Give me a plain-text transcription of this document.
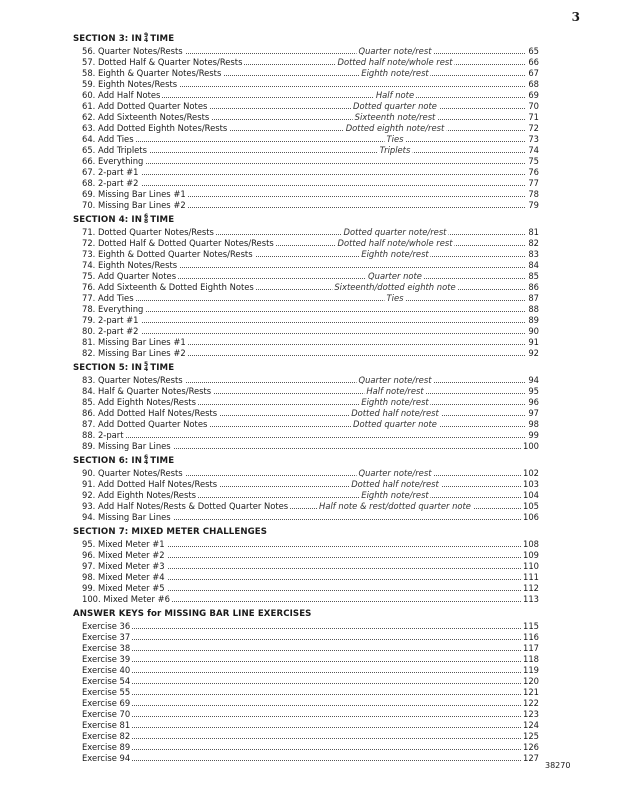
3
SECTION 3: IN 9
4 TIME
56. Quarter Notes/Rests	Quarter note/rest	65
57. Dotted Half & Quarter Notes/Rests	Dotted half note/whole rest	66
58. Eighth & Quarter Notes/Rests	Eighth note/rest	67
59. Eighth Notes/Rests	68
60. Add Half Notes	Half note	69
61. Add Dotted Quarter Notes	Dotted quarter note	70
62. Add Sixteenth Notes/Rests	Sixteenth note/rest	71
63. Add Dotted Eighth Notes/Rests	Dotted eighth note/rest	72
64. Add Ties	Ties	73
65. Add Triplets	Triplets	74
66. Everything	75
67. 2-part #1	76
68. 2-part #2	77
69. Missing Bar Lines #1	78
70. Missing Bar Lines #2	79
SECTION 4: IN 6
8 TIME
71. Dotted Quarter Notes/Rests	Dotted quarter note/rest	81
72. Dotted Half & Dotted Quarter Notes/Rests	Dotted half note/whole rest	82
73. Eighth & Dotted Quarter Notes/Rests	Eighth note/rest	83
74. Eighth Notes/Rests	84
75. Add Quarter Notes	Quarter note	85
76. Add Sixteenth & Dotted Eighth Notes	Sixteenth/dotted eighth note	86
77. Add Ties	Ties	87
78. Everything	88
79. 2-part #1	89
80. 2-part #2	90
81. Missing Bar Lines #1	91
82. Missing Bar Lines #2	92
SECTION 5: IN 5
4 TIME
83. Quarter Notes/Rests	Quarter note/rest	94
84. Half & Quarter Notes/Rests	Half note/rest	95
85. Add Eighth Notes/Rests	Eighth note/rest	96
86. Add Dotted Half Notes/Rests	Dotted half note/rest	97
87. Add Dotted Quarter Notes	Dotted quarter note	98
88. 2-part	99
89. Missing Bar Lines	100
SECTION 6: IN 6
4 TIME
90. Quarter Notes/Rests	Quarter note/rest	102
91. Add Dotted Half Notes/Rests	Dotted half note/rest	103
92. Add Eighth Notes/Rests	Eighth note/rest	104
93. Add Half Notes/Rests & Dotted Quarter Notes	Half note & rest/dotted quarter note	105
94. Missing Bar Lines	106
SECTION 7: MIXED METER CHALLENGES
95. Mixed Meter #1	108
96. Mixed Meter #2	109
97. Mixed Meter #3	110
98. Mixed Meter #4	111
99. Mixed Meter #5	112
100. Mixed Meter #6	113
ANSWER KEYS for MISSING BAR LINE EXERCISES
Exercise 36	115
Exercise 37	116
Exercise 38	117
Exercise 39	118
Exercise 40	119
Exercise 54	120
Exercise 55	121
Exercise 69	122
Exercise 70	123
Exercise 81	124
Exercise 82	125
Exercise 89	126
Exercise 94	127
38270
